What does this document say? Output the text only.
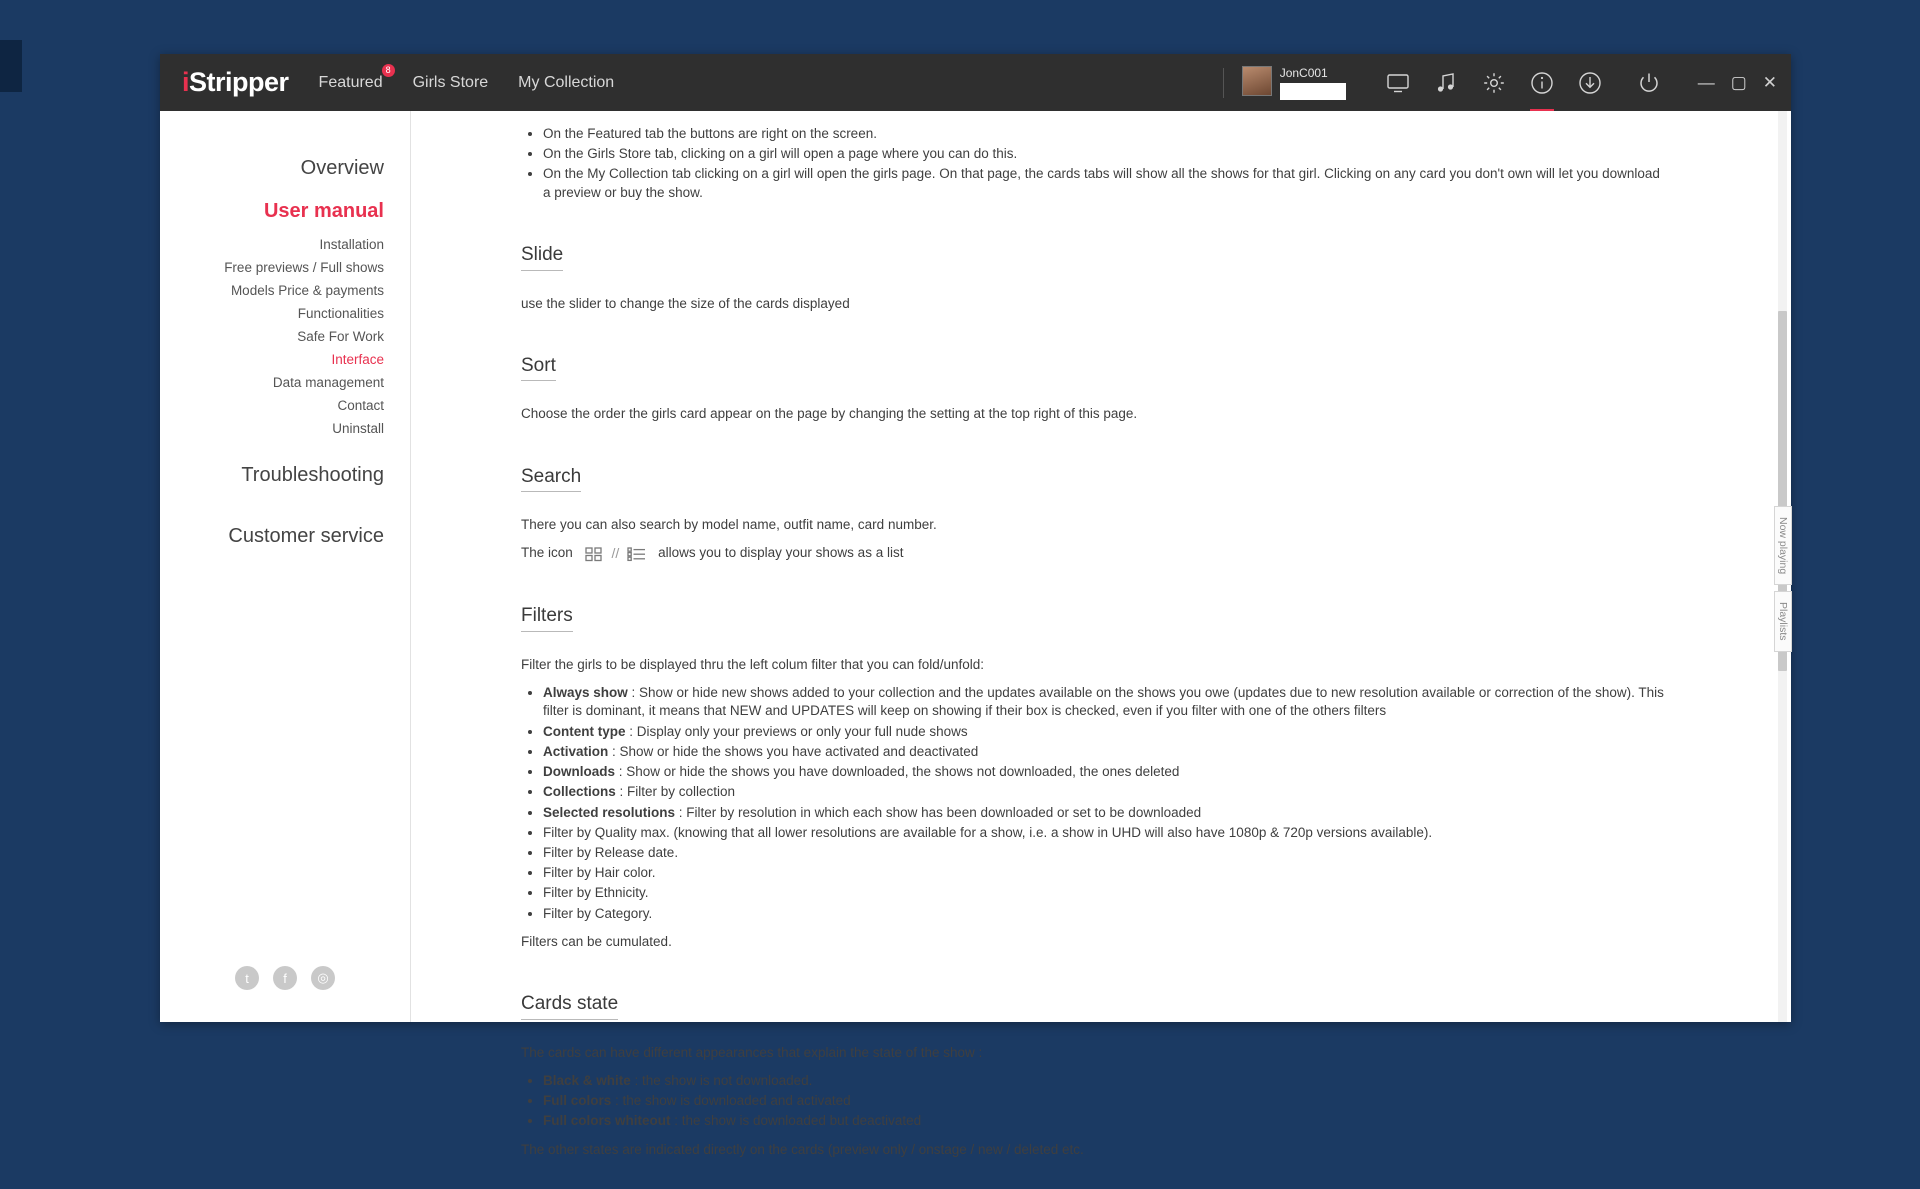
iStripper Featured
8
Girls Store My Collection
JonC001
— ▢ ✕
Overview
User manual
Installation
Free previews / Full shows
Models Price & payments
Functionalities
Safe For Work
Interface
Data management
Contact
Uninstall
Troubleshooting
Customer service
t	f	◎
• On the Featured tab the buttons are right on the screen.
• On the Girls Store tab, clicking on a girl will open a page where you can do this.
• On the My Collection tab clicking on a girl will open the girls page. On that page, the cards tabs will show all the shows for that girl. Clicking on any card you don't own will let you download a preview or buy the show.
Slide

use the slider to change the size of the cards displayed

Sort

Choose the order the girls card appear on the page by changing the setting at the top right of this page.

Search

There you can also search by model name, outfit name, card number.

The icon	//	allows you to display your shows as a list

Filters

Filter the girls to be displayed thru the left colum filter that you can fold/unfold:

• Always show : Show or hide new shows added to your collection and the updates available on the shows you owe (updates due to new resolution available or correction of the show). This filter is dominant, it means that NEW and UPDATES will keep on showing if their box is checked, even if you filter with one of the others filters
• Content type : Display only your previews or only your full nude shows
• Activation : Show or hide the shows you have activated and deactivated
• Downloads : Show or hide the shows you have downloaded, the shows not downloaded, the ones deleted
• Collections : Filter by collection
• Selected resolutions : Filter by resolution in which each show has been downloaded or set to be downloaded
• Filter by Quality max. (knowing that all lower resolutions are available for a show, i.e. a show in UHD will also have 1080p & 720p versions available).
• Filter by Release date.
• Filter by Hair color.
• Filter by Ethnicity.
• Filter by Category.

Filters can be cumulated.

Cards state

The cards can have different appearances that explain the state of the show :

• Black & white : the show is not downloaded.
• Full colors : the show is downloaded and activated
• Full colors whiteout : the show is downloaded but deactivated

The other states are indicated directly on the cards (preview only / onstage / new / deleted etc.

Now playing
Playlists
